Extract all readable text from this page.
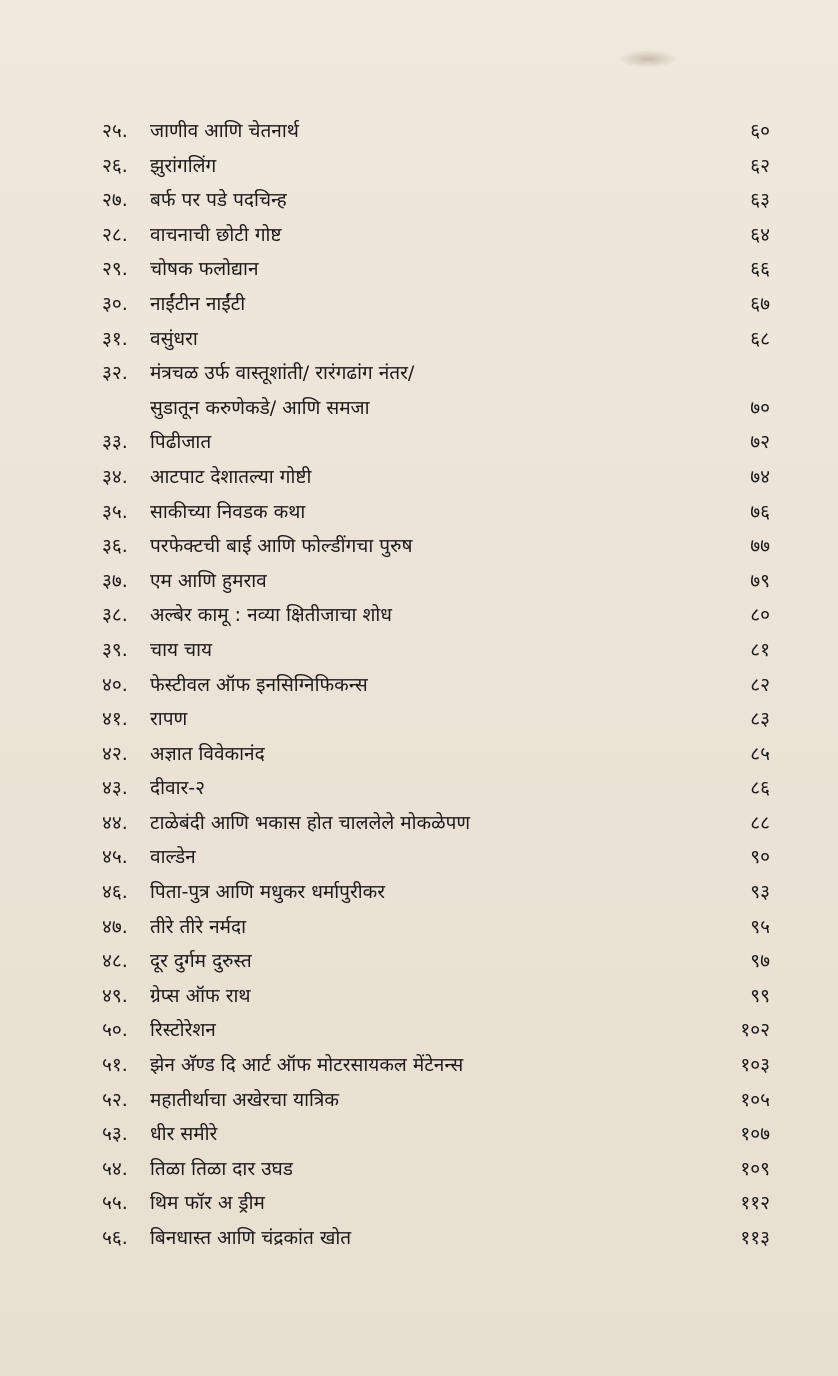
२५.	जाणीव आणि चेतनार्थ	६०
२६.	झुरांगलिंग	६२
२७.	बर्फ पर पडे पदचिन्ह	६३
२८.	वाचनाची छोटी गोष्ट	६४
२९.	चोषक फलोद्यान	६६
३०.	नाईंटीन नाईंटी	६७
३१.	वसुंधरा	६८
३२.	मंत्रचळ उर्फ वास्तूशांती/ रारंगढांग नंतर/
सुडातून करुणेकडे/ आणि समजा	७०
३३.	पिढीजात	७२
३४.	आटपाट देशातल्या गोष्टी	७४
३५.	साकीच्या निवडक कथा	७६
३६.	परफेक्टची बाई आणि फोल्डींगचा पुरुष	७७
३७.	एम आणि हुमराव	७९
३८.	अल्बेर कामू : नव्या क्षितीजाचा शोध	८०
३९.	चाय चाय	८१
४०.	फेस्टीवल ऑफ इनसिग्निफिकन्स	८२
४१.	रापण	८३
४२.	अज्ञात विवेकानंद	८५
४३.	दीवार-२	८६
४४.	टाळेबंदी आणि भकास होत चाललेले मोकळेपण	८८
४५.	वाल्डेन	९०
४६.	पिता-पुत्र आणि मधुकर धर्मापुरीकर	९३
४७.	तीरे तीरे नर्मदा	९५
४८.	दूर दुर्गम दुरुस्त	९७
४९.	ग्रेप्स ऑफ राथ	९९
५०.	रिस्टोरेशन	१०२
५१.	झेन अ‍ॅण्ड दि आर्ट ऑफ मोटरसायकल मेंटेनन्स	१०३
५२.	महातीर्थाचा अखेरचा यात्रिक	१०५
५३.	धीर समीरे	१०७
५४.	तिळा तिळा दार उघड	१०९
५५.	थिम फॉर अ ड्रीम	११२
५६.	बिनधास्त आणि चंद्रकांत खोत	११३
